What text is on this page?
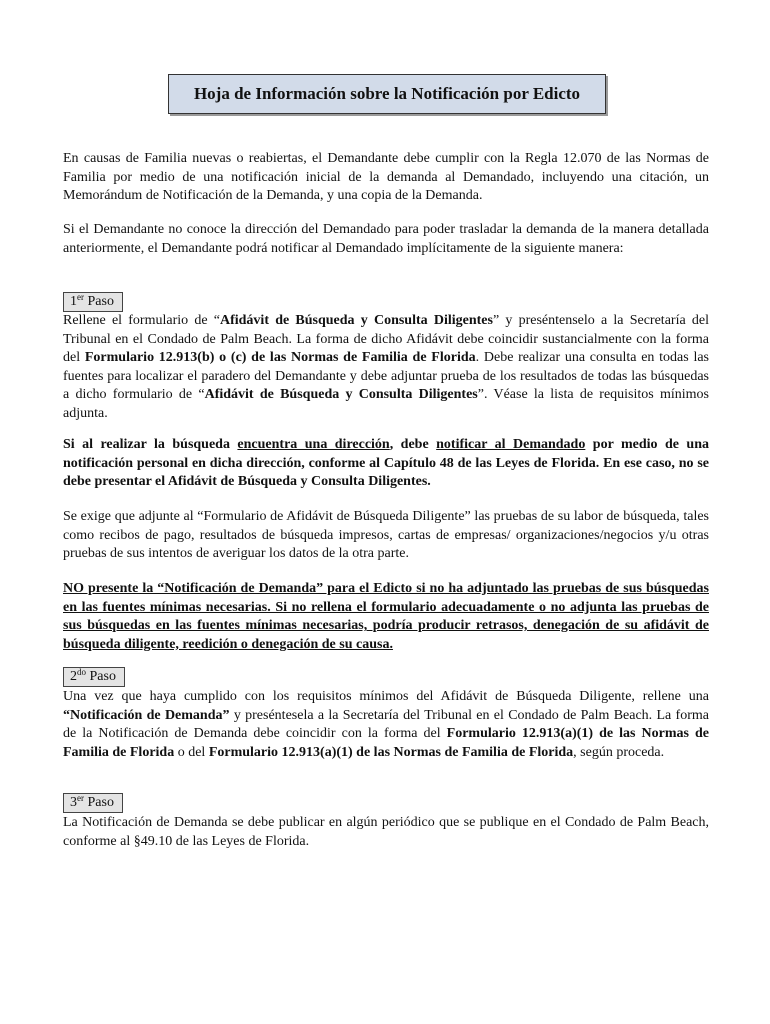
Hoja de Información sobre la Notificación por Edicto

En causas de Familia nuevas o reabiertas, el Demandante debe cumplir con la Regla 12.070 de las Normas de Familia por medio de una notificación inicial de la demanda al Demandado, incluyendo una citación, un Memorándum de Notificación de la Demanda, y una copia de la Demanda.

Si el Demandante no conoce la dirección del Demandado para poder trasladar la demanda de la manera detallada anteriormente, el Demandante podrá notificar al Demandado implícitamente de la siguiente manera:

1er Paso

Rellene el formulario de “Afidávit de Búsqueda y Consulta Diligentes” y preséntenselo a la Secretaría del Tribunal en el Condado de Palm Beach. La forma de dicho Afidávit debe coincidir sustancialmente con la forma del Formulario 12.913(b) o (c) de las Normas de Familia de Florida. Debe realizar una consulta en todas las fuentes para localizar el paradero del Demandante y debe adjuntar prueba de los resultados de todas las búsquedas a dicho formulario de “Afidávit de Búsqueda y Consulta Diligentes”. Véase la lista de requisitos mínimos adjunta.

Si al realizar la búsqueda encuentra una dirección, debe notificar al Demandado por medio de una notificación personal en dicha dirección, conforme al Capítulo 48 de las Leyes de Florida. En ese caso, no se debe presentar el Afidávit de Búsqueda y Consulta Diligentes.

Se exige que adjunte al “Formulario de Afidávit de Búsqueda Diligente” las pruebas de su labor de búsqueda, tales como recibos de pago, resultados de búsqueda impresos, cartas de empresas/ organizaciones/negocios y/u otras pruebas de sus intentos de averiguar los datos de la otra parte.

NO presente la “Notificación de Demanda” para el Edicto si no ha adjuntado las pruebas de sus búsquedas en las fuentes mínimas necesarias. Si no rellena el formulario adecuadamente o no adjunta las pruebas de sus búsquedas en las fuentes mínimas necesarias, podría producir retrasos, denegación de su afidávit de búsqueda diligente, reedición o denegación de su causa.

$2^{do}$ Paso

Una vez que haya cumplido con los requisitos mínimos del Afidávit de Búsqueda Diligente, rellene una “Notificación de Demanda” y preséntesela a la Secretaría del Tribunal en el Condado de Palm Beach. La forma de la Notificación de Demanda debe coincidir con la forma del Formulario 12.913(a)(1) de las Normas de Familia de Florida o del Formulario 12.913(a)(1) de las Normas de Familia de Florida, según proceda.

3er Paso

La Notificación de Demanda se debe publicar en algún periódico que se publique en el Condado de Palm Beach, conforme al §49.10 de las Leyes de Florida.
